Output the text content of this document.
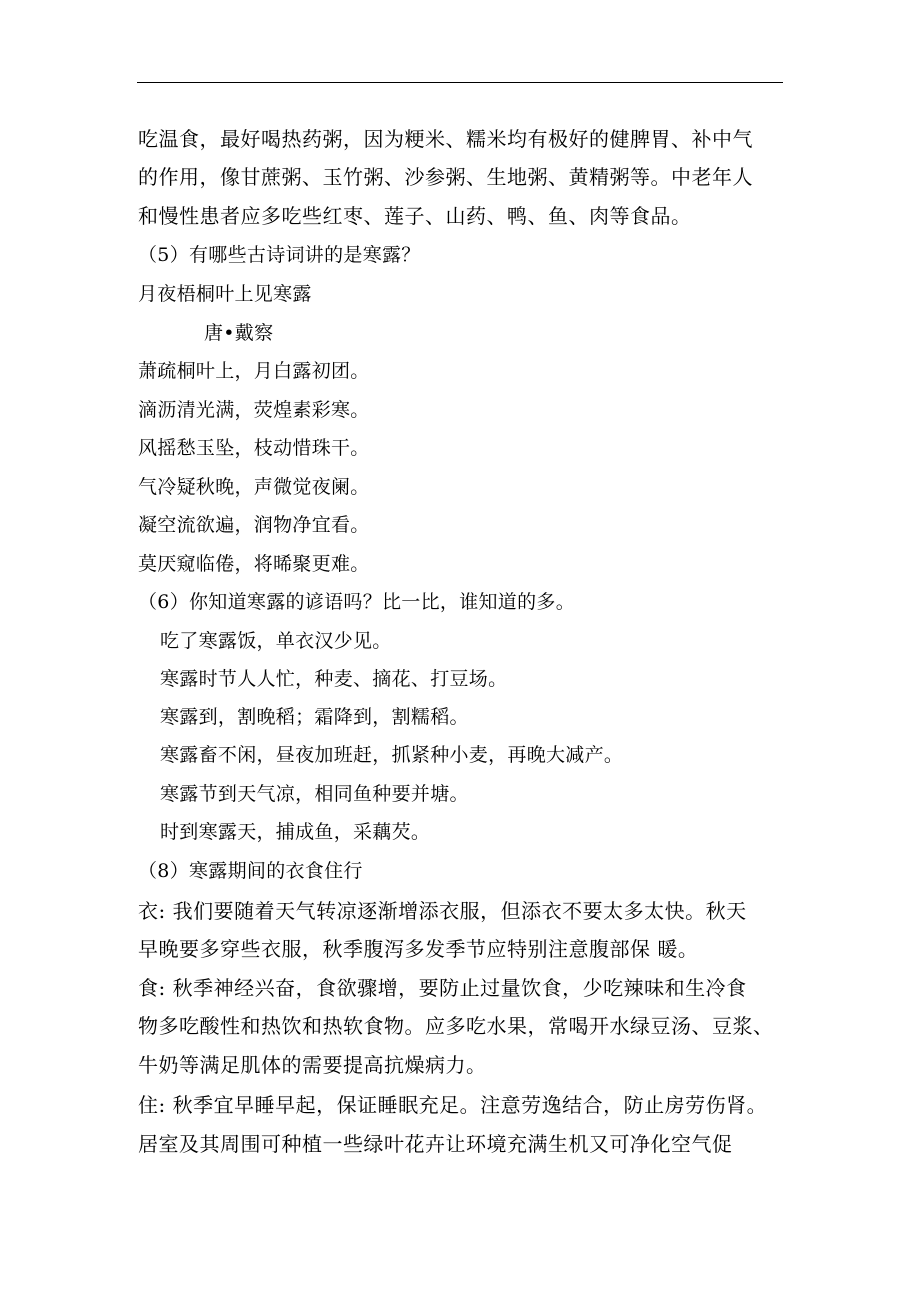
吃温食，最好喝热药粥，因为粳米、糯米均有极好的健脾胃、补中气
的作用，像甘蔗粥、玉竹粥、沙参粥、生地粥、黄精粥等。中老年人
和慢性患者应多吃些红枣、莲子、山药、鸭、鱼、肉等食品。
（5）有哪些古诗词讲的是寒露？
月夜梧桐叶上见寒露
唐•戴察
萧疏桐叶上，月白露初团。
滴沥清光满，荧煌素彩寒。
风摇愁玉坠，枝动惜珠干。
气冷疑秋晚，声微觉夜阑。
凝空流欲遍，润物净宜看。
莫厌窥临倦，将晞聚更难。
（6）你知道寒露的谚语吗？比一比，谁知道的多。
吃了寒露饭，单衣汉少见。
寒露时节人人忙，种麦、摘花、打豆场。
寒露到，割晚稻；霜降到，割糯稻。
寒露畜不闲，昼夜加班赶，抓紧种小麦，再晚大减产。
寒露节到天气凉，相同鱼种要并塘。
时到寒露天，捕成鱼，采藕芡。
（8）寒露期间的衣食住行
衣: 我们要随着天气转凉逐渐增添衣服，但添衣不要太多太快。秋天
早晚要多穿些衣服，秋季腹泻多发季节应特别注意腹部保 暖。
食: 秋季神经兴奋，食欲骤增，要防止过量饮食，少吃辣味和生冷食
物多吃酸性和热饮和热软食物。应多吃水果，常喝开水绿豆汤、豆浆、
牛奶等满足肌体的需要提高抗燥病力。
住: 秋季宜早睡早起，保证睡眠充足。注意劳逸结合，防止房劳伤肾。
居室及其周围可种植一些绿叶花卉让环境充满生机又可净化空气促
